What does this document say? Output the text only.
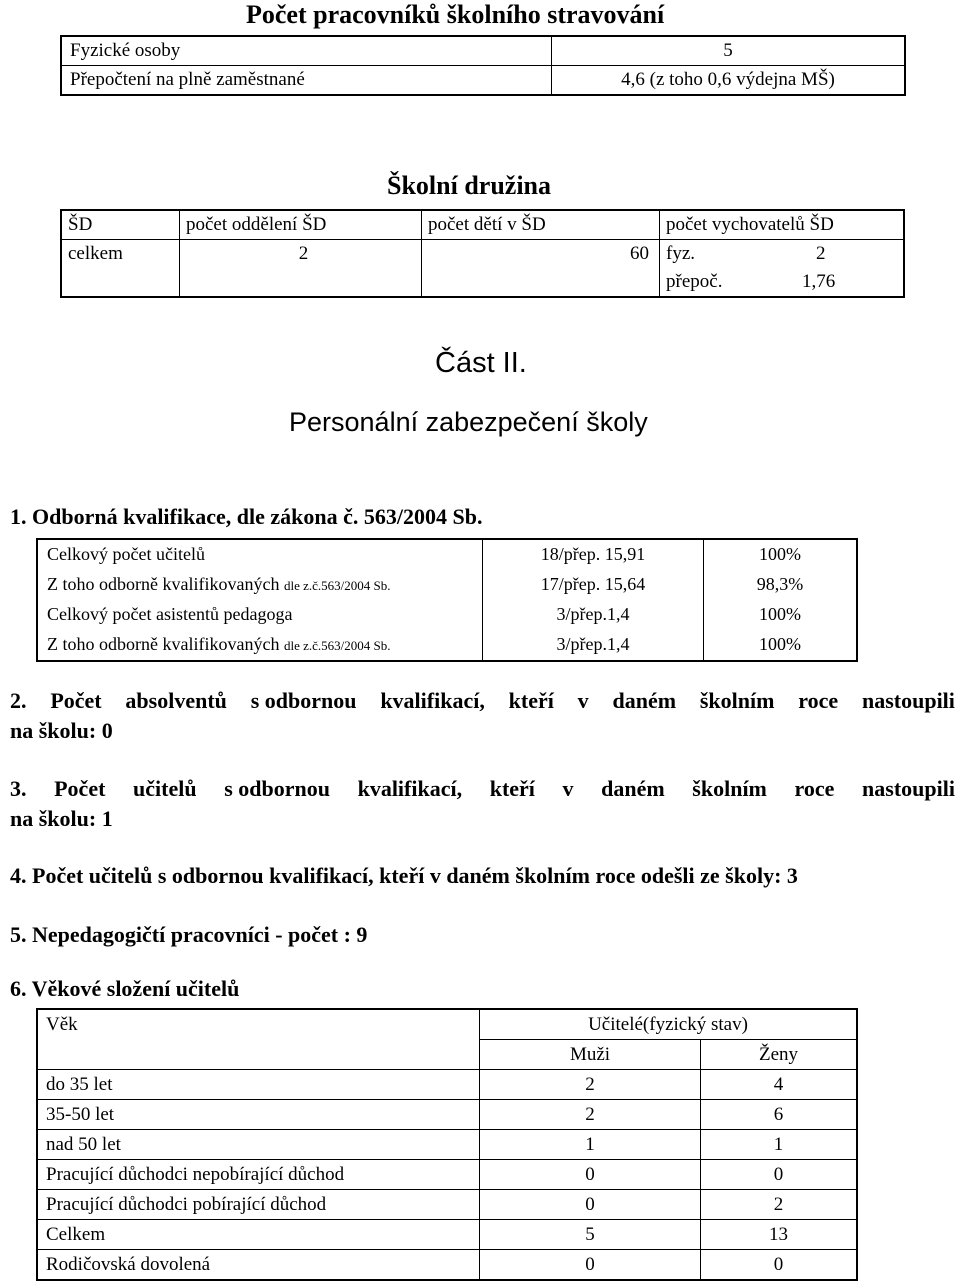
Počet pracovníků školního stravování
Fyzické osoby	5
Přepočtení na plně zaměstnané	4,6 (z toho 0,6 výdejna MŠ)
Školní družina
ŠD	počet oddělení ŠD	počet dětí v ŠD	počet vychovatelů ŠD
celkem	2	60	fyz. 2
přepoč. 1,76
Část II.
Personální zabezpečení školy
1. Odborná kvalifikace, dle zákona č. 563/2004 Sb.
Celkový počet učitelů	18/přep. 15,91	100%
Z toho odborně kvalifikovaných dle z.č.563/2004 Sb.	17/přep. 15,64	98,3%
Celkový počet asistentů pedagoga	3/přep.1,4	100%
Z toho odborně kvalifikovaných dle z.č.563/2004 Sb.	3/přep.1,4	100%
2. Počet absolventů s odbornou kvalifikací, kteří v daném školním roce nastoupili
na školu: 0
3. Počet učitelů s odbornou kvalifikací, kteří v daném školním roce nastoupili
na školu: 1
4. Počet učitelů s odbornou kvalifikací, kteří v daném školním roce odešli ze školy: 3
5. Nepedagogičtí pracovníci - počet : 9
6. Věkové složení učitelů
Věk	Učitelé(fyzický stav)	
	Muži	Ženy
do 35 let	2	4
35-50 let	2	6
nad 50 let	1	1
Pracující důchodci nepobírající důchod	0	0
Pracující důchodci pobírající důchod	0	2
Celkem	5	13
Rodičovská dovolená	0	0
